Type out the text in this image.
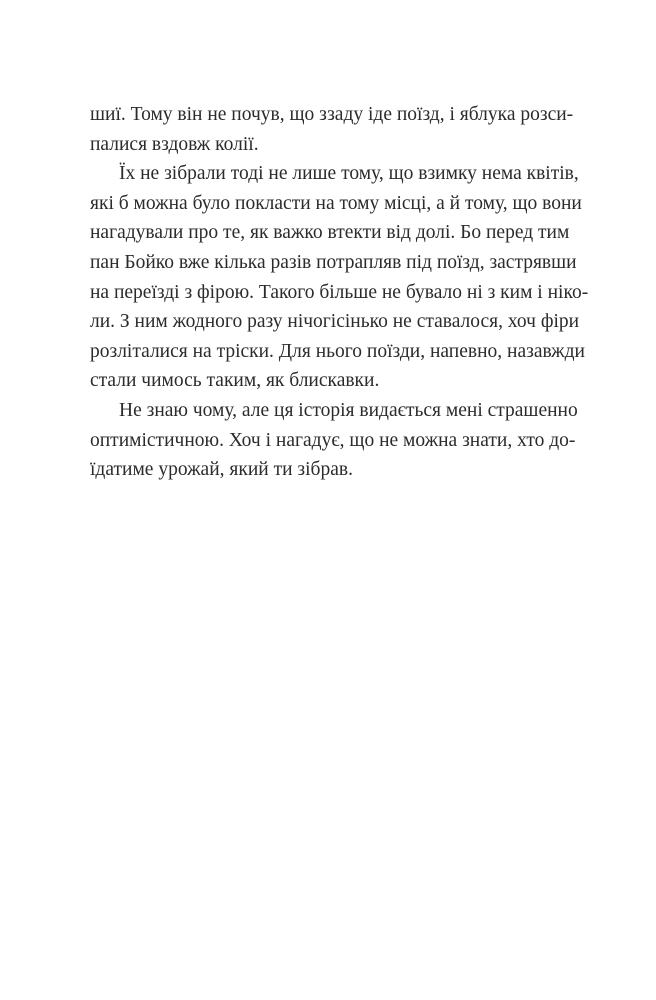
шиї. Тому він не почув, що ззаду іде поїзд, і яблука розси-
палися вздовж колії.
Їх не зібрали тоді не лише тому, що взимку нема квітів,
які б можна було покласти на тому місці, а й тому, що вони
нагадували про те, як важко втекти від долі. Бо перед тим
пан Бойко вже кілька разів потрапляв під поїзд, застрявши
на переїзді з фірою. Такого більше не бувало ні з ким і ніко-
ли. З ним жодного разу нічогісінько не ставалося, хоч фіри
розліталися на тріски. Для нього поїзди, напевно, назавжди
стали чимось таким, як блискавки.
Не знаю чому, але ця історія видається мені страшенно
оптимістичною. Хоч і нагадує, що не можна знати, хто до-
їдатиме урожай, який ти зібрав.
